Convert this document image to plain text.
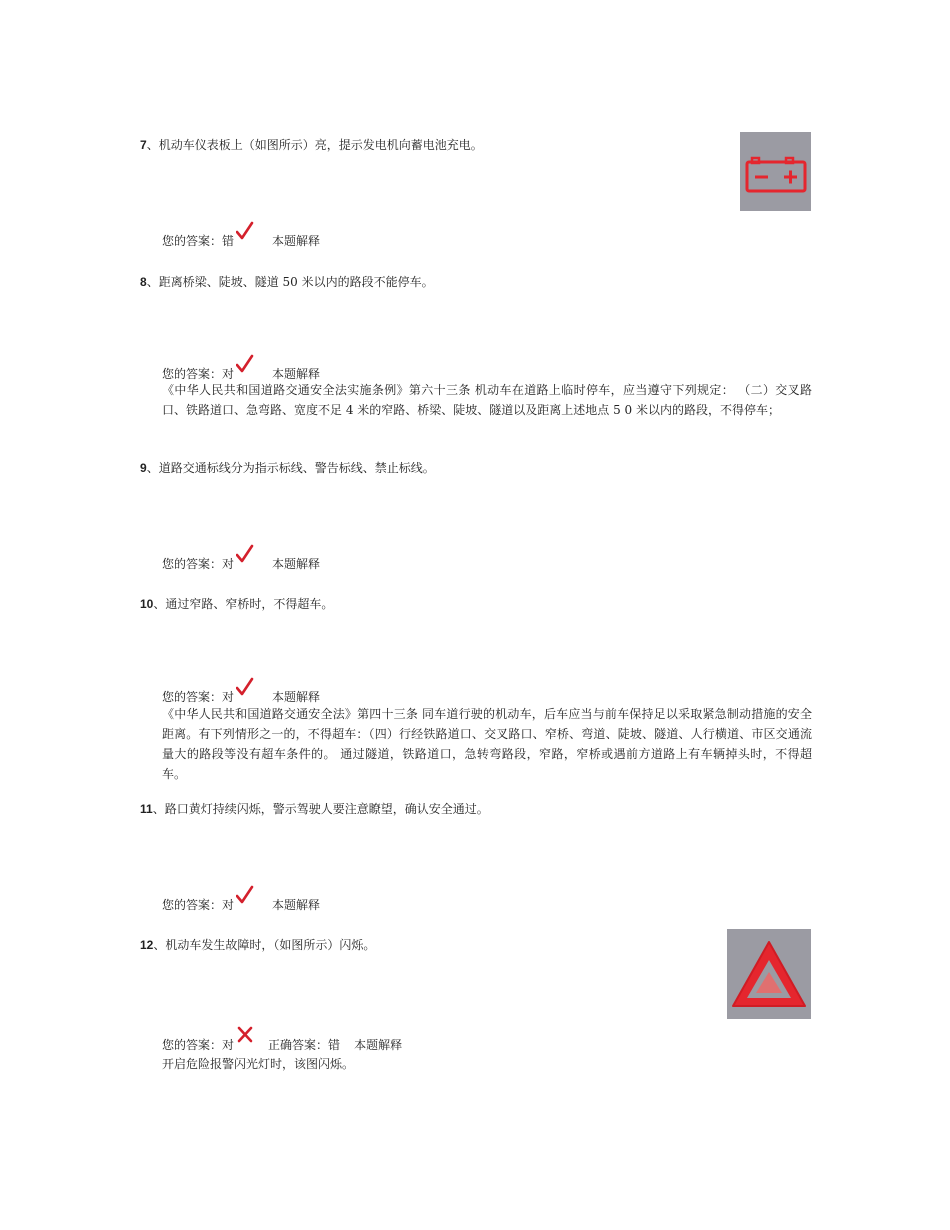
7、机动车仪表板上（如图所示）亮，提示发电机向蓄电池充电。
您的答案：错	本题解释
8、距离桥梁、陡坡、隧道 50 米以内的路段不能停车。
您的答案：对	本题解释
《中华人民共和国道路交通安全法实施条例》第六十三条 机动车在道路上临时停车，应当遵守下列规定： （二）交叉路口、铁路道口、急弯路、宽度不足 4 米的窄路、桥梁、陡坡、隧道以及距离上述地点 5 0 米以内的路段，不得停车；
9、道路交通标线分为指示标线、警告标线、禁止标线。
您的答案：对	本题解释
10、通过窄路、窄桥时，不得超车。
您的答案：对	本题解释
《中华人民共和国道路交通安全法》第四十三条 同车道行驶的机动车，后车应当与前车保持足以采取紧急制动措施的安全距离。有下列情形之一的，不得超车：（四）行经铁路道口、交叉路口、窄桥、弯道、陡坡、隧道、人行横道、市区交通流量大的路段等没有超车条件的。 通过隧道，铁路道口，急转弯路段，窄路，窄桥或遇前方道路上有车辆掉头时，不得超车。
11、路口黄灯持续闪烁，警示驾驶人要注意瞭望，确认安全通过。
您的答案：对	本题解释
12、机动车发生故障时，（如图所示）闪烁。
您的答案：对	正确答案：错 本题解释
开启危险报警闪光灯时，该图闪烁。
